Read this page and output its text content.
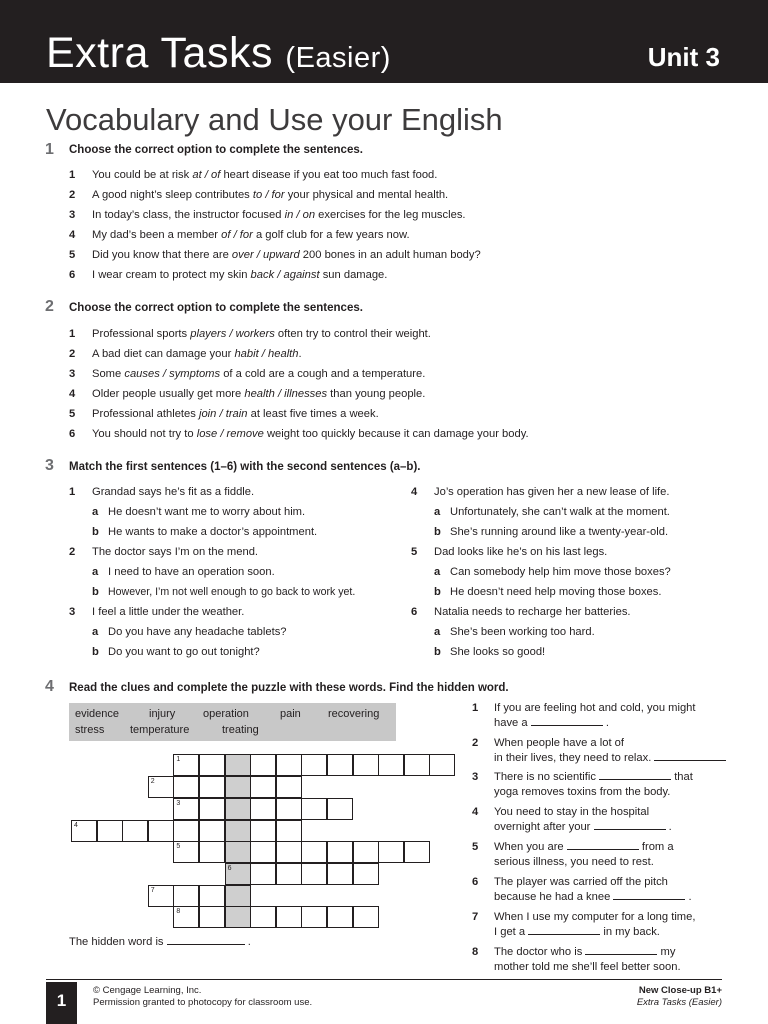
Extra Tasks (Easier)	Unit 3
Vocabulary and Use your English
1 Choose the correct option to complete the sentences.
1 You could be at risk at / of heart disease if you eat too much fast food.
2 A good night’s sleep contributes to / for your physical and mental health.
3 In today’s class, the instructor focused in / on exercises for the leg muscles.
4 My dad’s been a member of / for a golf club for a few years now.
5 Did you know that there are over / upward 200 bones in an adult human body?
6 I wear cream to protect my skin back / against sun damage.
2 Choose the correct option to complete the sentences.
1 Professional sports players / workers often try to control their weight.
2 A bad diet can damage your habit / health.
3 Some causes / symptoms of a cold are a cough and a temperature.
4 Older people usually get more health / illnesses than young people.
5 Professional athletes join / train at least five times a week.
6 You should not try to lose / remove weight too quickly because it can damage your body.
3 Match the first sentences (1–6) with the second sentences (a–b).
1 Grandad says he’s fit as a fiddle.
a He doesn’t want me to worry about him.
b He wants to make a doctor’s appointment.
2 The doctor says I’m on the mend.
a I need to have an operation soon.
b However, I’m not well enough to go back to work yet.
3 I feel a little under the weather.
a Do you have any headache tablets?
b Do you want to go out tonight?
4 Jo’s operation has given her a new lease of life.
a Unfortunately, she can’t walk at the moment.
b She’s running around like a twenty-year-old.
5 Dad looks like he’s on his last legs.
a Can somebody help him move those boxes?
b He doesn’t need help moving those boxes.
6 Natalia needs to recharge her batteries.
a She’s been working too hard.
b She looks so good!
4 Read the clues and complete the puzzle with these words. Find the hidden word.
evidence	injury	operation	pain recovering
stress temperature	treating
1
2
3
4
5
6
7
8
The hidden word is	.
1 If you are feeling hot and cold, you might
have a	.
2 When people have a lot of
in their lives, they need to relax.
3 There is no scientific	that
yoga removes toxins from the body.
4 You need to stay in the hospital
overnight after your	.
5 When you are	from a
serious illness, you need to rest.
6 The player was carried off the pitch
because he had a knee	.
7 When I use my computer for a long time,
I get a	in my back.
8 The doctor who is	my
mother told me she’ll feel better soon.
1
© Cengage Learning, Inc.
Permission granted to photocopy for classroom use.
New Close-up B1+
Extra Tasks (Easier)
